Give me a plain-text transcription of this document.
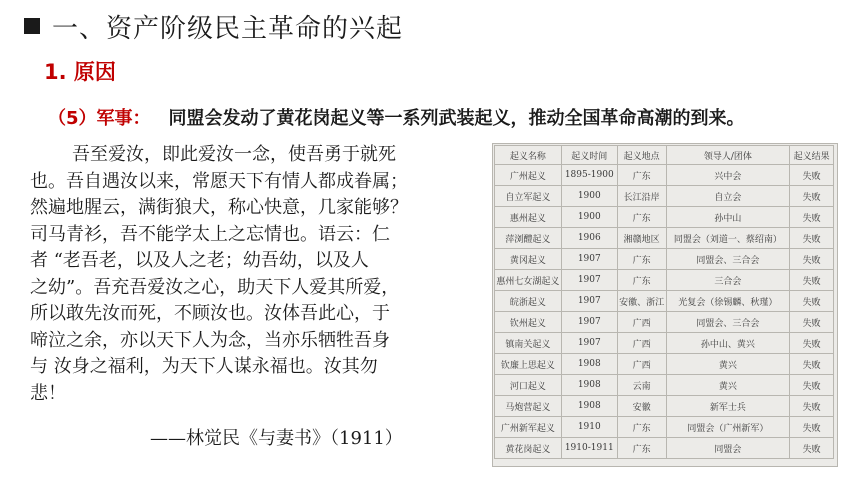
一、资产阶级民主革命的兴起
1. 原因
（5）军事： 同盟会发动了黄花岗起义等一系列武装起义，推动全国革命高潮的到来。
吾至爱汝，即此爱汝一念，使吾勇于就死
也。吾自遇汝以来，常愿天下有情人都成眷属；
然遍地腥云，满街狼犬，称心快意，几家能够？
司马青衫，吾不能学太上之忘情也。语云：仁
者 “老吾老，以及人之老；幼吾幼，以及人
之幼”。吾充吾爱汝之心，助天下人爱其所爱，
所以敢先汝而死，不顾汝也。汝体吾此心，于
啼泣之余，亦以天下人为念，当亦乐牺牲吾身
与 汝身之福利，为天下人谋永福也。汝其勿
悲！
——林觉民《与妻书》（1911）
起义名称	起义时间	起义地点	领导人/团体	起义结果
广州起义	1895-1900	广东	兴中会	失败
自立军起义	1900	长江沿岸	自立会	失败
惠州起义	1900	广东	孙中山	失败
萍浏醴起义	1906	湘赣地区	同盟会（刘道一、蔡绍南）	失败
黄冈起义	1907	广东	同盟会、三合会	失败
惠州七女湖起义	1907	广东	三合会	失败
皖浙起义	1907	安徽、浙江	光复会（徐锡麟、秋瑾）	失败
钦州起义	1907	广西	同盟会、三合会	失败
镇南关起义	1907	广西	孙中山、黄兴	失败
钦廉上思起义	1908	广西	黄兴	失败
河口起义	1908	云南	黄兴	失败
马炮营起义	1908	安徽	新军士兵	失败
广州新军起义	1910	广东	同盟会（广州新军）	失败
黄花岗起义	1910-1911	广东	同盟会	失败
